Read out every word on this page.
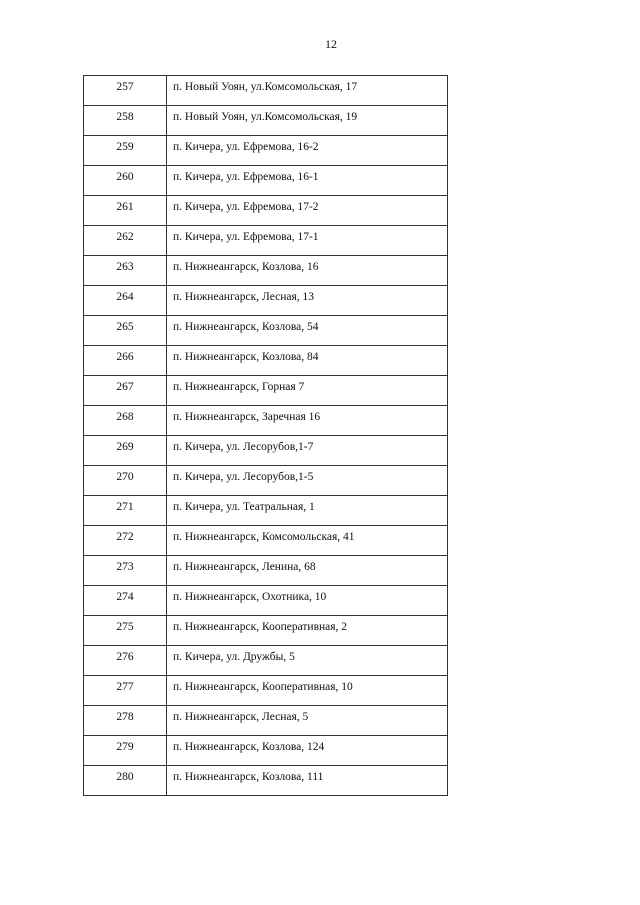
12
257	п. Новый Уоян, ул.Комсомольская, 17
258	п. Новый Уоян, ул.Комсомольская, 19
259	п. Кичера, ул. Ефремова, 16-2
260	п. Кичера, ул. Ефремова, 16-1
261	п. Кичера, ул. Ефремова, 17-2
262	п. Кичера, ул. Ефремова, 17-1
263	п. Нижнеангарск, Козлова, 16
264	п. Нижнеангарск, Лесная, 13
265	п. Нижнеангарск, Козлова, 54
266	п. Нижнеангарск, Козлова, 84
267	п. Нижнеангарск, Горная 7
268	п. Нижнеангарск, Заречная 16
269	п. Кичера, ул. Лесорубов,1-7
270	п. Кичера, ул. Лесорубов,1-5
271	п. Кичера, ул. Театральная, 1
272	п. Нижнеангарск, Комсомольская, 41
273	п. Нижнеангарск, Ленина, 68
274	п. Нижнеангарск, Охотника, 10
275	п. Нижнеангарск, Кооперативная, 2
276	п. Кичера, ул. Дружбы, 5
277	п. Нижнеангарск, Кооперативная, 10
278	п. Нижнеангарск, Лесная, 5
279	п. Нижнеангарск, Козлова, 124
280	п. Нижнеангарск, Козлова, 111
